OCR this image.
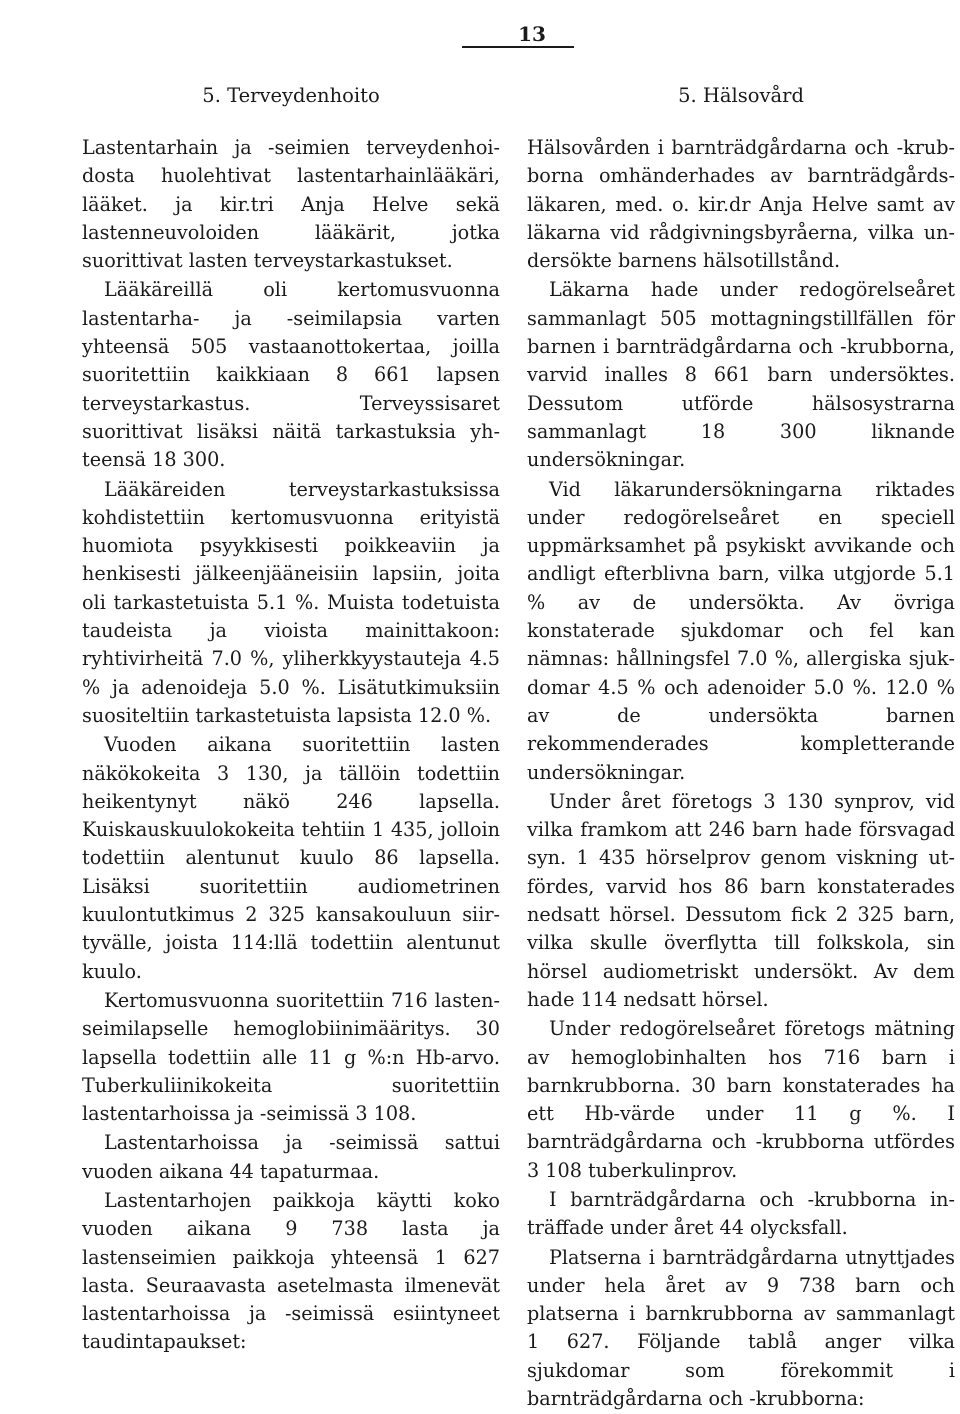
13
5. Terveydenhoito

Lastentarhain ja -seimien terveydenhoidosta huolehtivat lastentarhainlääkäri, lääket. ja kir.tri Anja Helve sekä lastenneuvoloiden lääkärit, jotka suorittivat lasten terveystarkastukset.

Lääkäreillä oli kertomusvuonna lastentarha- ja -seimilapsia varten yhteensä 505 vastaanottokertaa, joilla suoritettiin kaikkiaan 8 661 lapsen terveystarkastus. Terveyssisaret suorittivat lisäksi näitä tarkastuksia yhteensä 18 300.

Lääkäreiden terveystarkastuksissa kohdistettiin kertomusvuonna erityistä huomiota psyykkisesti poikkeaviin ja henkisesti jälkeenjääneisiin lapsiin, joita oli tarkastetuista 5.1 %. Muista todetuista taudeista ja vioista mainittakoon: ryhtivirheitä 7.0 %, yliherkkyystauteja 4.5 % ja adenoideja 5.0 %. Lisätutkimuksiin suositeltiin tarkastetuista lapsista 12.0 %.

Vuoden aikana suoritettiin lasten näkökokeita 3 130, ja tällöin todettiin heikentynyt näkö 246 lapsella. Kuiskauskuulokokeita tehtiin 1 435, jolloin todettiin alentunut kuulo 86 lapsella. Lisäksi suoritettiin audiometrinen kuulontutkimus 2 325 kansakouluun siirtyvälle, joista 114:llä todettiin alentunut kuulo.

Kertomusvuonna suoritettiin 716 lastenseimilapselle hemoglobiinimääritys. 30 lapsella todettiin alle 11 g %:n Hb-arvo. Tuberkuliinikokeita suoritettiin lastentarhoissa ja -seimissä 3 108.

Lastentarhoissa ja -seimissä sattui vuoden aikana 44 tapaturmaa.

Lastentarhojen paikkoja käytti koko vuoden aikana 9 738 lasta ja lastenseimien paikkoja yhteensä 1 627 lasta. Seuraavasta asetelmasta ilmenevät lastentarhoissa ja -seimissä esiintyneet taudintapaukset:

5. Hälsovård

Hälsovården i barnträdgårdarna och -krubborna omhänderhades av barnträdgårdsläkaren, med. o. kir.dr Anja Helve samt av läkarna vid rådgivningsbyråerna, vilka undersökte barnens hälsotillstånd.

Läkarna hade under redogörelseåret sammanlagt 505 mottagningstillfällen för barnen i barnträdgårdarna och -krubborna, varvid inalles 8 661 barn undersöktes. Dessutom utförde hälsosystrarna sammanlagt 18 300 liknande undersökningar.

Vid läkarundersökningarna riktades under redogörelseåret en speciell uppmärksamhet på psykiskt avvikande och andligt efterblivna barn, vilka utgjorde 5.1 % av de undersökta. Av övriga konstaterade sjukdomar och fel kan nämnas: hållningsfel 7.0 %, allergiska sjukdomar 4.5 % och adenoider 5.0 %. 12.0 % av de undersökta barnen rekommenderades kompletterande undersökningar.

Under året företogs 3 130 synprov, vid vilka framkom att 246 barn hade försvagad syn. 1 435 hörselprov genom viskning utfördes, varvid hos 86 barn konstaterades nedsatt hörsel. Dessutom fick 2 325 barn, vilka skulle överflytta till folkskola, sin hörsel audiometriskt undersökt. Av dem hade 114 nedsatt hörsel.

Under redogörelseåret företogs mätning av hemoglobinhalten hos 716 barn i barnkrubborna. 30 barn konstaterades ha ett Hb-värde under 11 g %. I barnträdgårdarna och -krubborna utfördes 3 108 tuberkulinprov.

I barnträdgårdarna och -krubborna inträffade under året 44 olycksfall.

Platserna i barnträdgårdarna utnyttjades under hela året av 9 738 barn och platserna i barnkrubborna av sammanlagt 1 627. Följande tablå anger vilka sjukdomar som förekommit i barnträdgårdarna och -krubborna:
